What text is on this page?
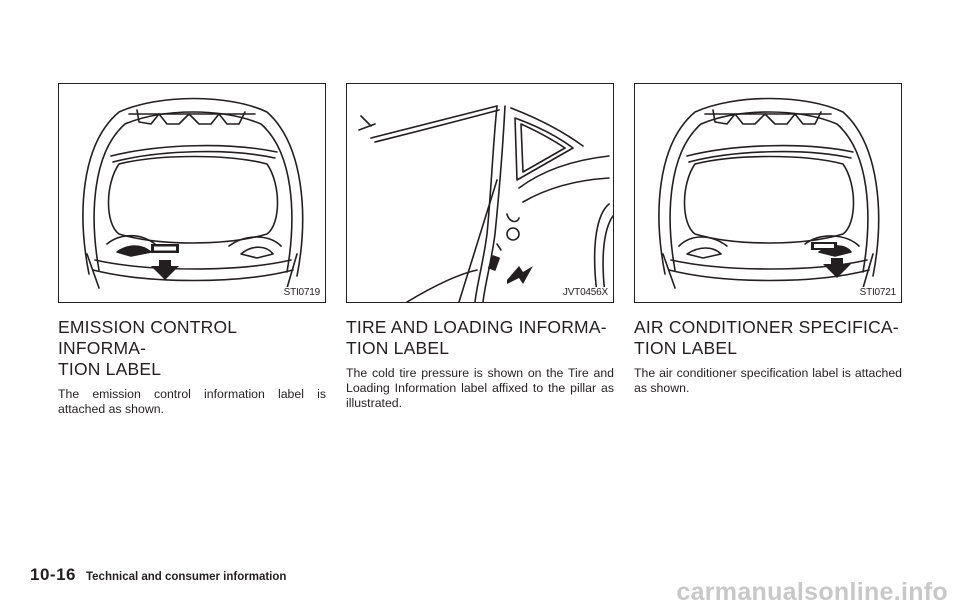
STI0719
EMISSION CONTROL INFORMA-
TION LABEL

The emission control information label is attached as shown.

JVT0456X
TIRE AND LOADING INFORMA-
TION LABEL

The cold tire pressure is shown on the Tire and Loading Information label affixed to the pillar as illustrated.

STI0721
AIR CONDITIONER SPECIFICA-
TION LABEL

The air conditioner specification label is attached as shown.

10-16 Technical and consumer information
carmanualsonline.info
